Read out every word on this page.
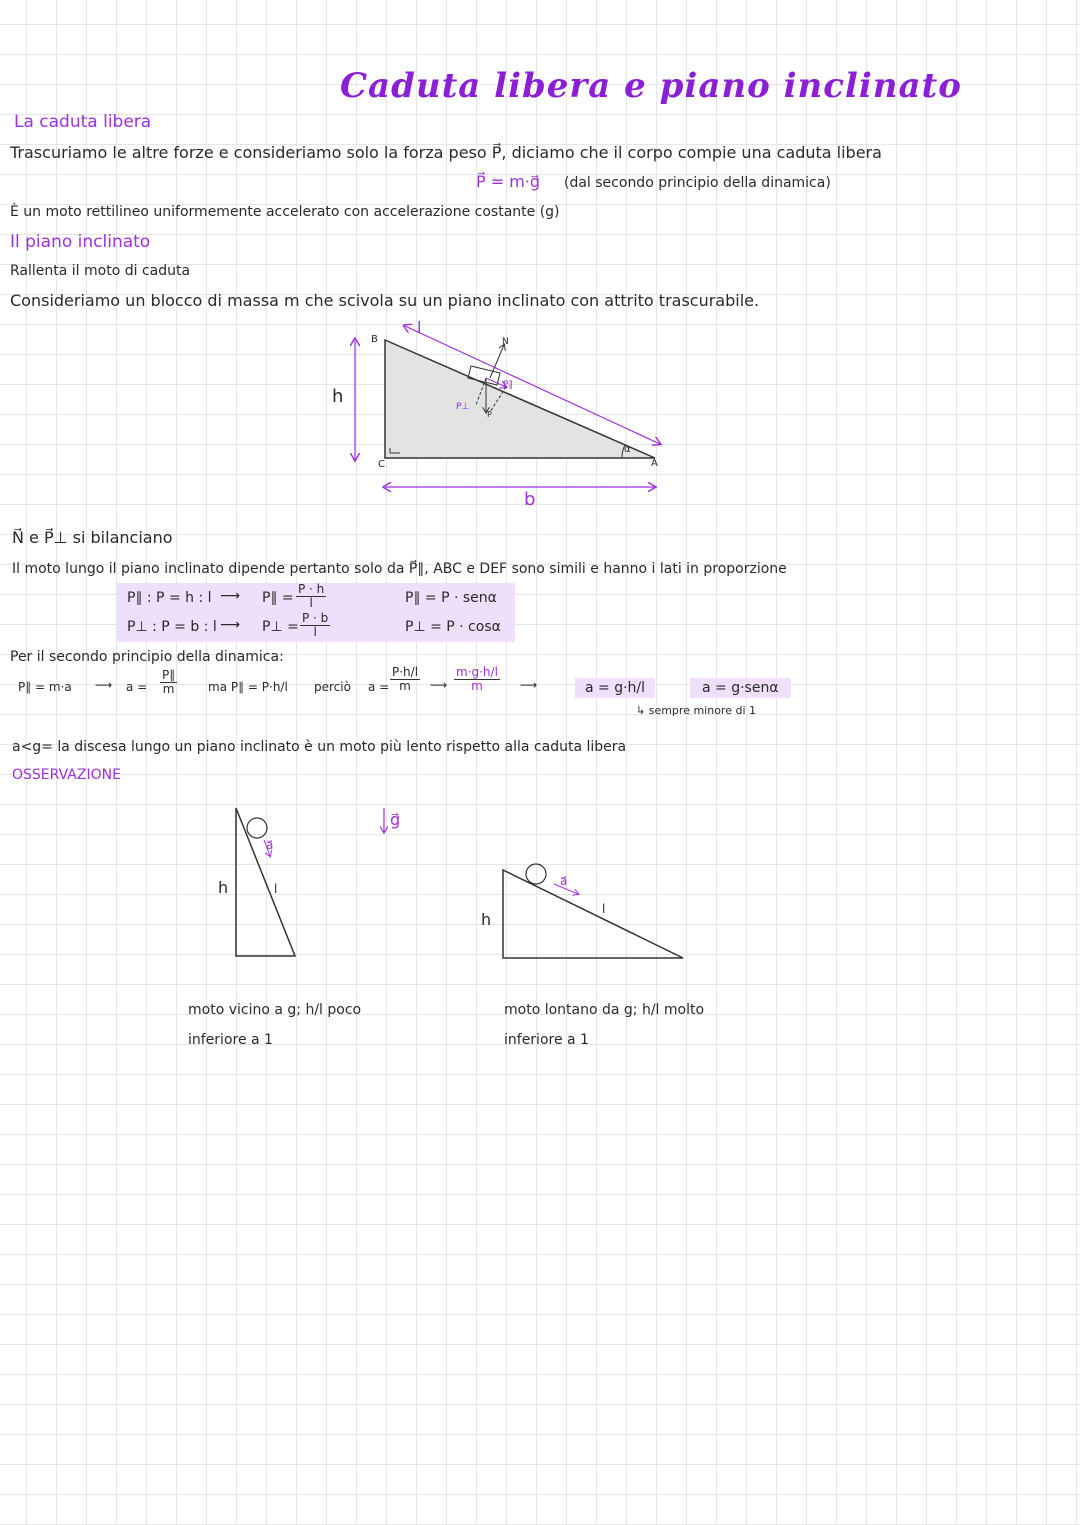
Caduta libera e piano inclinato
La caduta libera
Trascuriamo le altre forze e consideriamo solo la forza peso P⃗, diciamo che il corpo compie una caduta libera
P⃗ = m·g⃗ (dal secondo principio della dinamica)
È un moto rettilineo uniformemente accelerato con accelerazione costante (g)
Il piano inclinato
Rallenta il moto di caduta
Consideriamo un blocco di massa m che scivola su un piano inclinato con attrito trascurabile.
B
C	A
h
b
l
α
N
P∥
P⊥
P
N⃗ e P⃗⊥ si bilanciano
Il moto lungo il piano inclinato dipende pertanto solo da P⃗∥, ABC e DEF sono simili e hanno i lati in proporzione
P∥ : P = h : l ⟶ P∥ = $\frac{P \cdot h}{l}$	P∥ = P · senα
P⊥ : P = b : l ⟶ P⊥ = $\frac{P \cdot b}{l}$	P⊥ = P · cosα
Per il secondo principio della dinamica:
P∥ = m·a ⟶ $a = \frac{P\parallel}{m}$	ma P∥ = P·h/l perciò $a = \frac{P\cdot h/l}{m}$ ⟶ $\frac{m\cdot g\cdot h/l}{m}$ ⟶	a = g·h/l	a = g·senα
↳ sempre minore di 1
a<g= la discesa lungo un piano inclinato è un moto più lento rispetto alla caduta libera
OSSERVAZIONE
a⃗
h	l
g⃗
a⃗
h
l
moto vicino a g; h/l poco
inferiore a 1
moto lontano da g; h/l molto
inferiore a 1
